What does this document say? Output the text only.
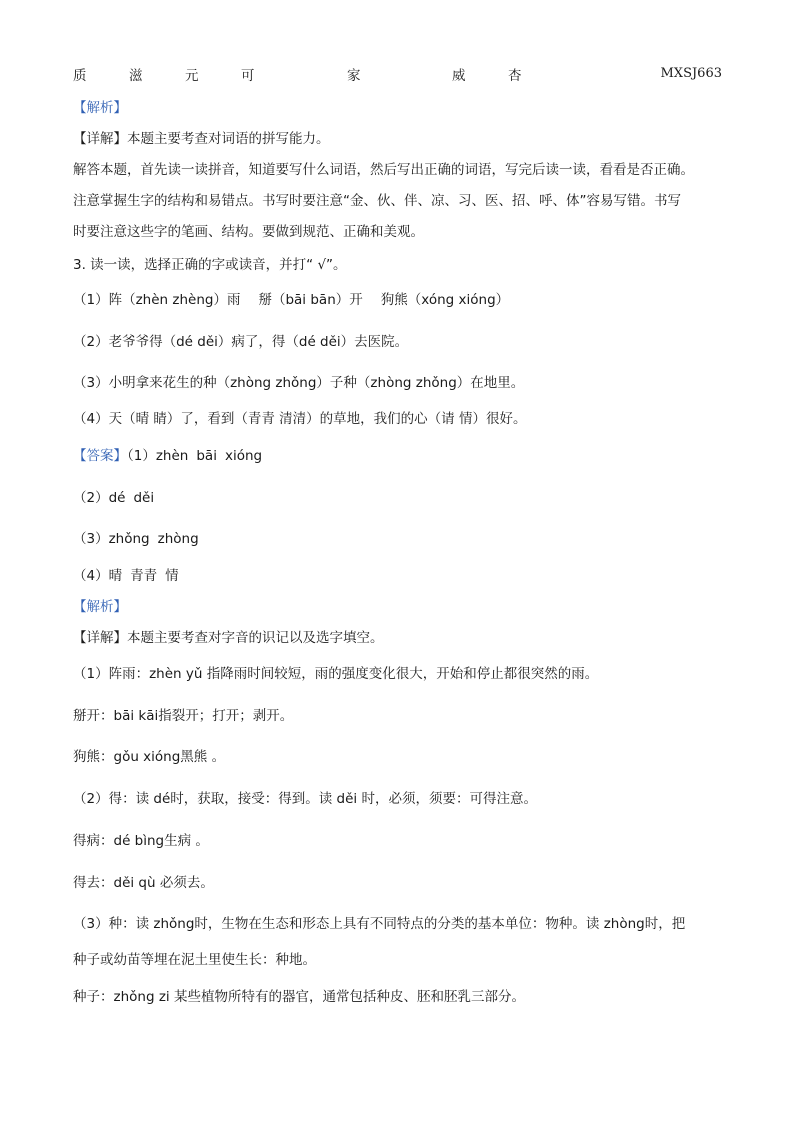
质	滋	元	可	家	威	杏	MXSJ663
【解析】
【详解】本题主要考查对词语的拼写能力。
解答本题，首先读一读拼音，知道要写什么词语，然后写出正确的词语，写完后读一读，看看是否正确。
注意掌握生字的结构和易错点。书写时要注意“金、伙、伴、凉、习、医、招、呼、体”容易写错。书写
时要注意这些字的笔画、结构。要做到规范、正确和美观。
3. 读一读，选择正确的字或读音，并打“ √”。
（1）阵（zhèn zhèng）雨 掰（bāi bān）开 狗熊（xóng xióng）
（2）老爷爷得（dé děi）病了，得（dé děi）去医院。
（3）小明拿来花生的种（zhòng zhǒng）子种（zhòng zhǒng）在地里。
（4）天（晴 睛）了，看到（青青 清清）的草地，我们的心（请 情）很好。
【答案】（1）zhèn bāi xióng
（2）dé děi
（3）zhǒng zhòng
（4）晴 青青 情
【解析】
【详解】本题主要考查对字音的识记以及选字填空。
（1）阵雨：zhèn yǔ 指降雨时间较短，雨的强度变化很大，开始和停止都很突然的雨。
掰开：bāi kāi指裂开；打开；剥开。
狗熊：gǒu xióng黑熊 。
（2）得：读 dé时，获取，接受：得到。读 děi 时，必须，须要：可得注意。
得病：dé bìng生病 。
得去：děi qù 必须去。
（3）种：读 zhǒng时，生物在生态和形态上具有不同特点的分类的基本单位：物种。读 zhòng时，把
种子或幼苗等埋在泥土里使生长：种地。
种子：zhǒng zi 某些植物所特有的器官，通常包括种皮、胚和胚乳三部分。
